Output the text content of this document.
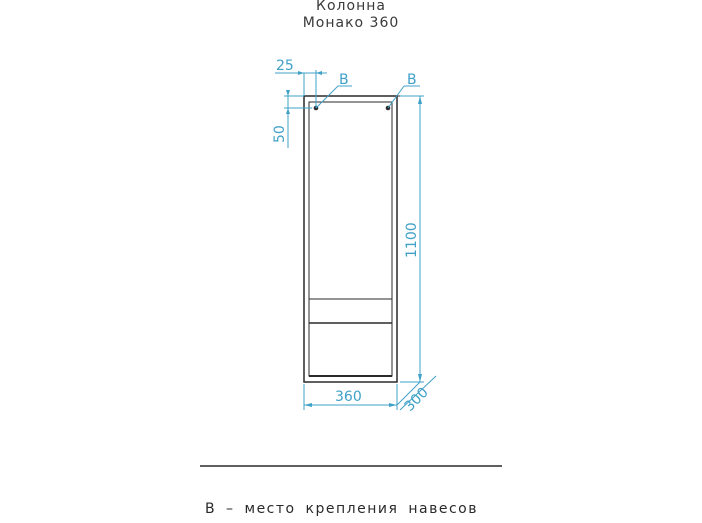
Колонна
Монако 360
25
50
1100
360	300
В	В
В – место крепления навесов
